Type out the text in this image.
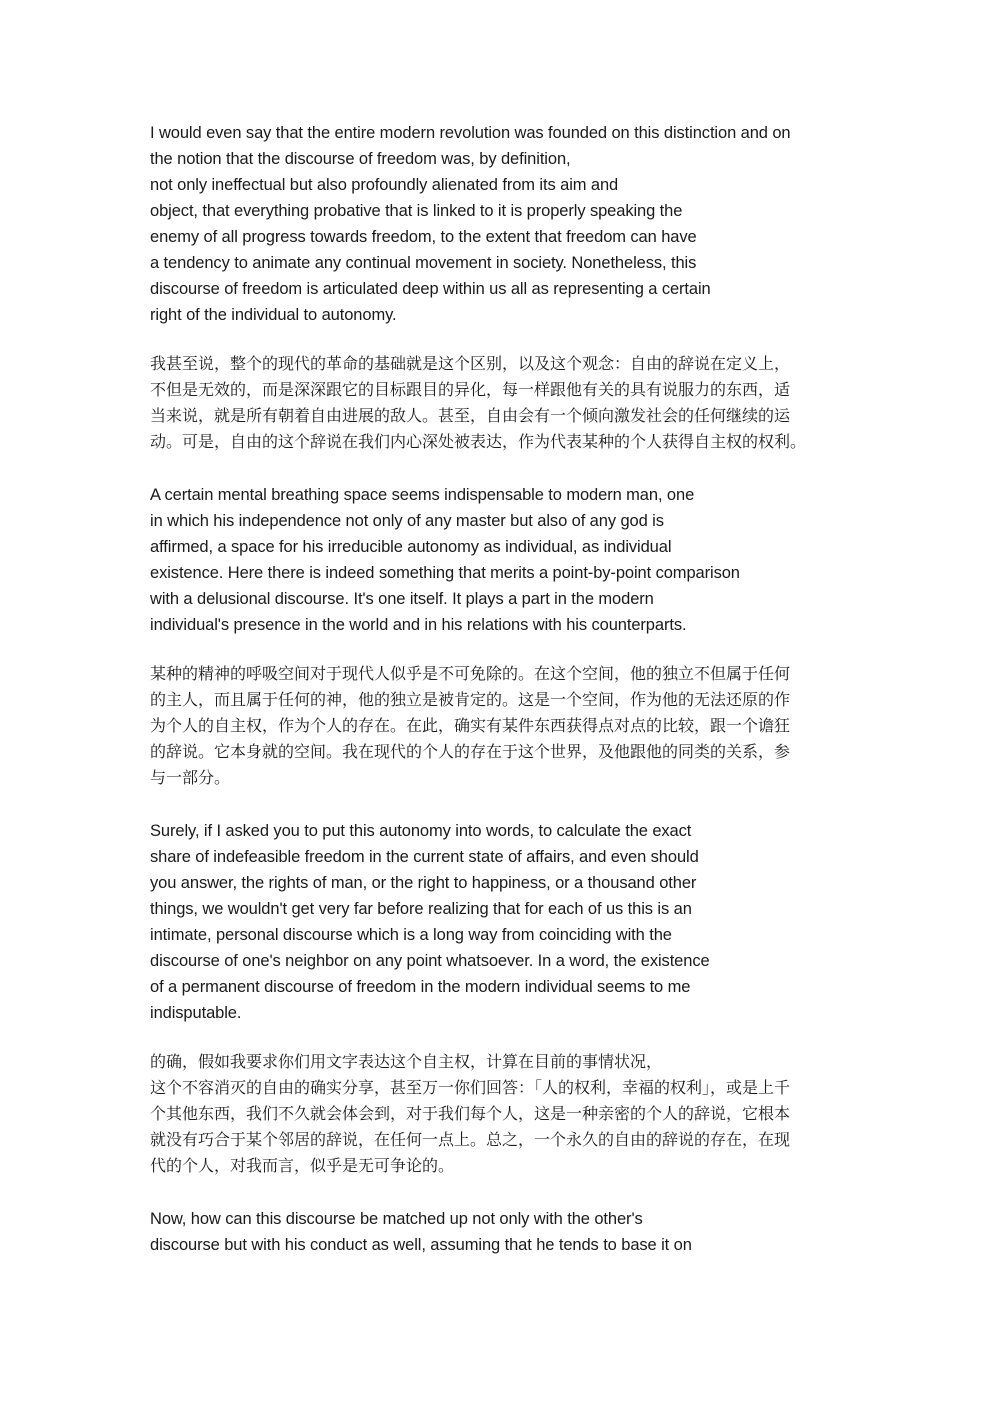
I would even say that the entire modern revolution was founded on this distinction and on
the notion that the discourse of freedom was, by definition,
not only ineffectual but also profoundly alienated from its aim and
object, that everything probative that is linked to it is properly speaking the
enemy of all progress towards freedom, to the extent that freedom can have
a tendency to animate any continual movement in society. Nonetheless, this
discourse of freedom is articulated deep within us all as representing a certain
right of the individual to autonomy.

我甚至说，整个的现代的革命的基础就是这个区别，以及这个观念：自由的辞说在定义上，
不但是无效的，而是深深跟它的目标跟目的异化，每一样跟他有关的具有说服力的东西，适
当来说，就是所有朝着自由进展的敌人。甚至，自由会有一个倾向激发社会的任何继续的运
动。可是，自由的这个辞说在我们内心深处被表达，作为代表某种的个人获得自主权的权利。

A certain mental breathing space seems indispensable to modern man, one
in which his independence not only of any master but also of any god is
affirmed, a space for his irreducible autonomy as individual, as individual
existence. Here there is indeed something that merits a point-by-point comparison
with a delusional discourse. It's one itself. It plays a part in the modern
individual's presence in the world and in his relations with his counterparts.

某种的精神的呼吸空间对于现代人似乎是不可免除的。在这个空间，他的独立不但属于任何
的主人，而且属于任何的神，他的独立是被肯定的。这是一个空间，作为他的无法还原的作
为个人的自主权，作为个人的存在。在此，确实有某件东西获得点对点的比较，跟一个谵狂
的辞说。它本身就的空间。我在现代的个人的存在于这个世界，及他跟他的同类的关系，参
与一部分。

Surely, if I asked you to put this autonomy into words, to calculate the exact
share of indefeasible freedom in the current state of affairs, and even should
you answer, the rights of man, or the right to happiness, or a thousand other
things, we wouldn't get very far before realizing that for each of us this is an
intimate, personal discourse which is a long way from coinciding with the
discourse of one's neighbor on any point whatsoever. In a word, the existence
of a permanent discourse of freedom in the modern individual seems to me
indisputable.

的确，假如我要求你们用文字表达这个自主权，计算在目前的事情状况，
这个不容消灭的自由的确实分享，甚至万一你们回答：「人的权利，幸福的权利」，或是上千
个其他东西，我们不久就会体会到，对于我们每个人，这是一种亲密的个人的辞说，它根本
就没有巧合于某个邻居的辞说，在任何一点上。总之，一个永久的自由的辞说的存在，在现
代的个人，对我而言，似乎是无可争论的。

Now, how can this discourse be matched up not only with the other's
discourse but with his conduct as well, assuming that he tends to base it on
